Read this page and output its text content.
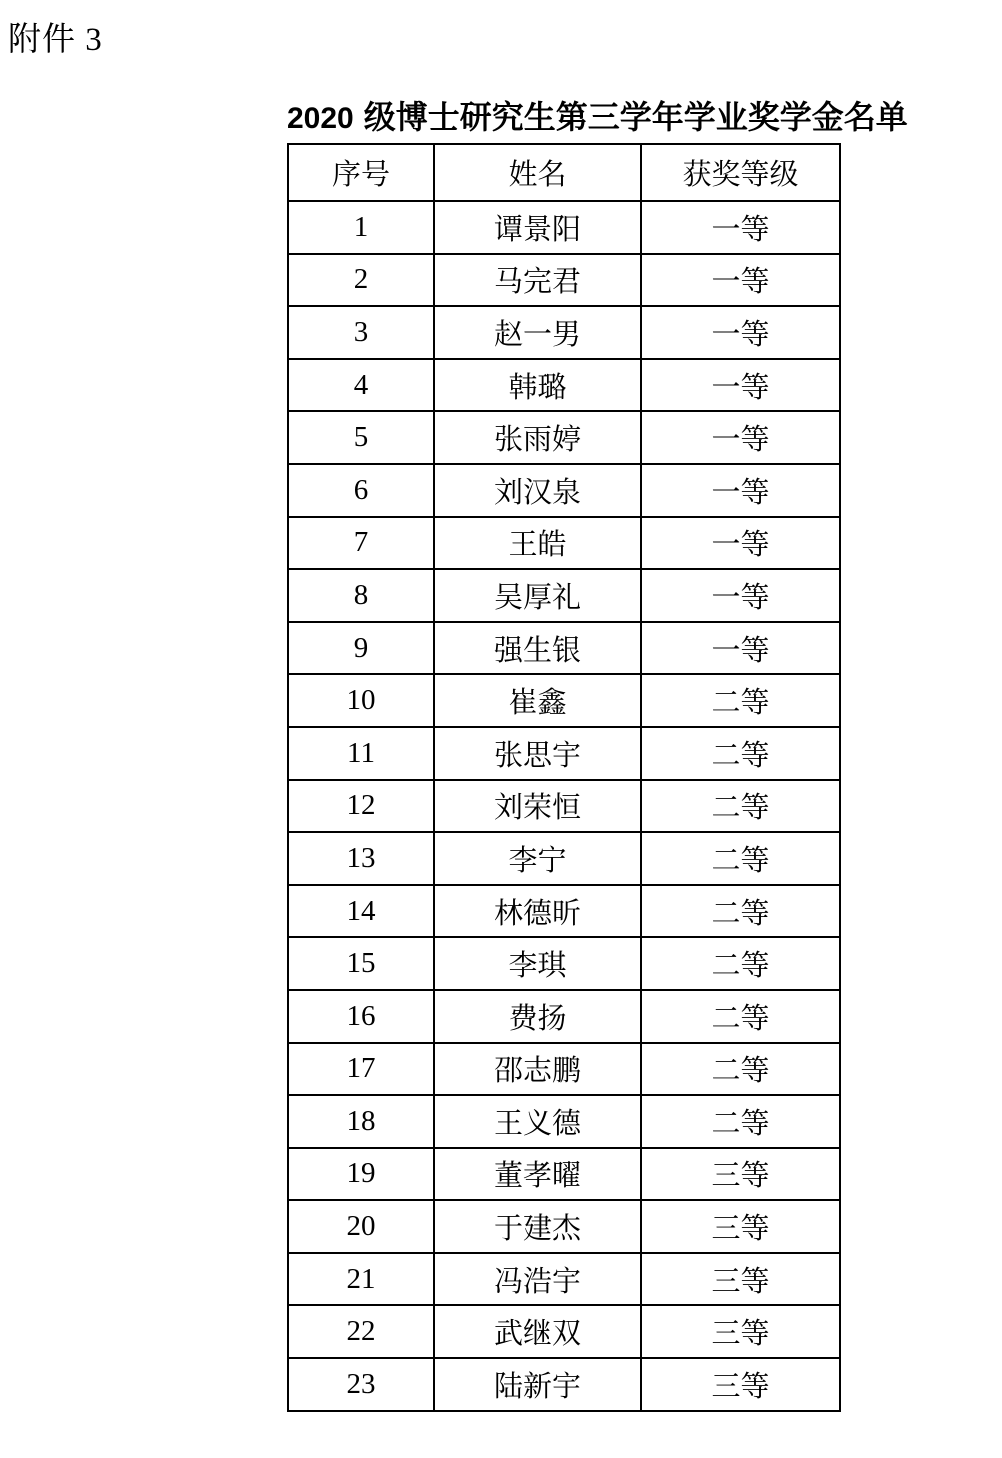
附件 3
2020 级博士研究生第三学年学业奖学金名单
序号	姓名	获奖等级
1	谭景阳	一等
2	马完君	一等
3	赵一男	一等
4	韩璐	一等
5	张雨婷	一等
6	刘汉泉	一等
7	王皓	一等
8	吴厚礼	一等
9	强生银	一等
10	崔鑫	二等
11	张思宇	二等
12	刘荣恒	二等
13	李宁	二等
14	林德昕	二等
15	李琪	二等
16	费扬	二等
17	邵志鹏	二等
18	王义德	二等
19	董孝曜	三等
20	于建杰	三等
21	冯浩宇	三等
22	武继双	三等
23	陆新宇	三等
